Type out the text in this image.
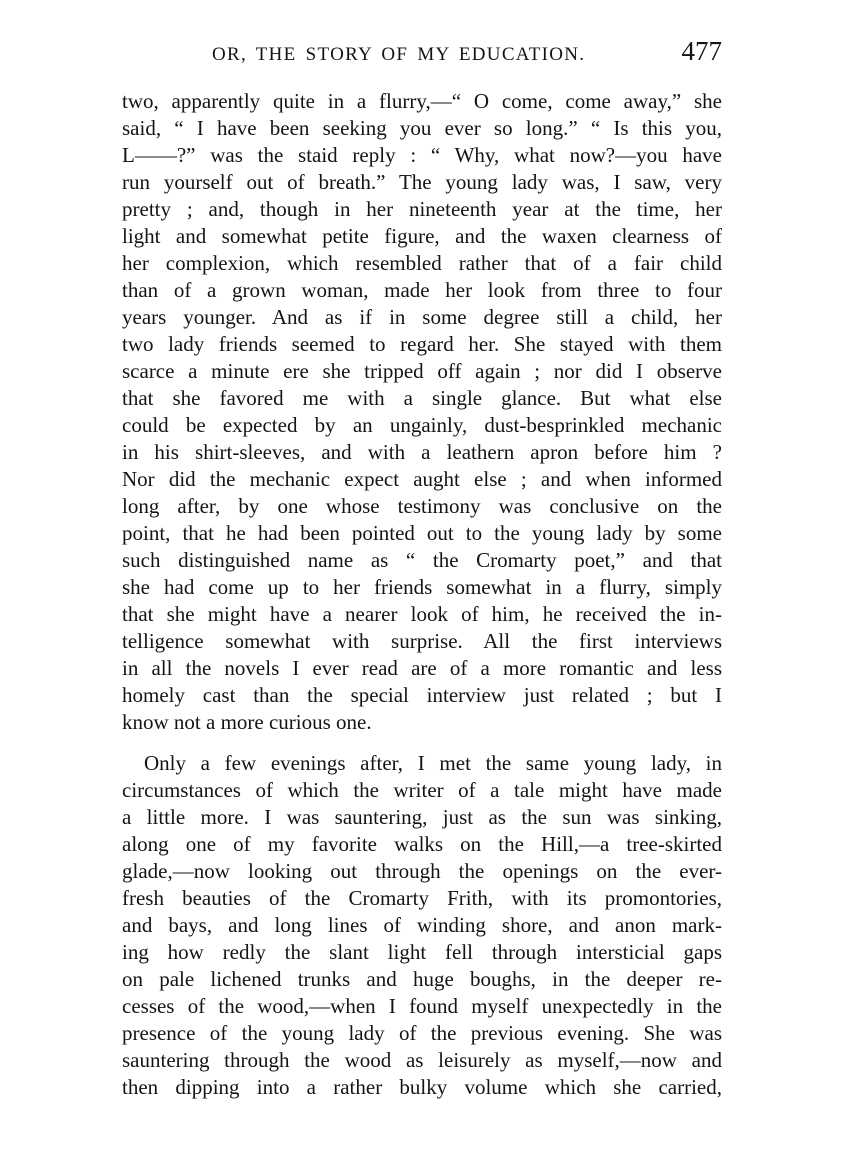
OR, THE STORY OF MY EDUCATION.	477
two, apparently quite in a flurry,—“ O come, come away,” she
said, “ I have been seeking you ever so long.” “ Is this you,
L——?” was the staid reply : “ Why, what now?—you have
run yourself out of breath.” The young lady was, I saw, very
pretty ; and, though in her nineteenth year at the time, her
light and somewhat petite figure, and the waxen clearness of
her complexion, which resembled rather that of a fair child
than of a grown woman, made her look from three to four
years younger. And as if in some degree still a child, her
two lady friends seemed to regard her. She stayed with them
scarce a minute ere she tripped off again ; nor did I observe
that she favored me with a single glance. But what else
could be expected by an ungainly, dust-besprinkled mechanic
in his shirt-sleeves, and with a leathern apron before him ?
Nor did the mechanic expect aught else ; and when informed
long after, by one whose testimony was conclusive on the
point, that he had been pointed out to the young lady by some
such distinguished name as “ the Cromarty poet,” and that
she had come up to her friends somewhat in a flurry, simply
that she might have a nearer look of him, he received the in-
telligence somewhat with surprise. All the first interviews
in all the novels I ever read are of a more romantic and less
homely cast than the special interview just related ; but I
know not a more curious one.
Only a few evenings after, I met the same young lady, in
circumstances of which the writer of a tale might have made
a little more. I was sauntering, just as the sun was sinking,
along one of my favorite walks on the Hill,—a tree-skirted
glade,—now looking out through the openings on the ever-
fresh beauties of the Cromarty Frith, with its promontories,
and bays, and long lines of winding shore, and anon mark-
ing how redly the slant light fell through intersticial gaps
on pale lichened trunks and huge boughs, in the deeper re-
cesses of the wood,—when I found myself unexpectedly in the
presence of the young lady of the previous evening. She was
sauntering through the wood as leisurely as myself,—now and
then dipping into a rather bulky volume which she carried,
